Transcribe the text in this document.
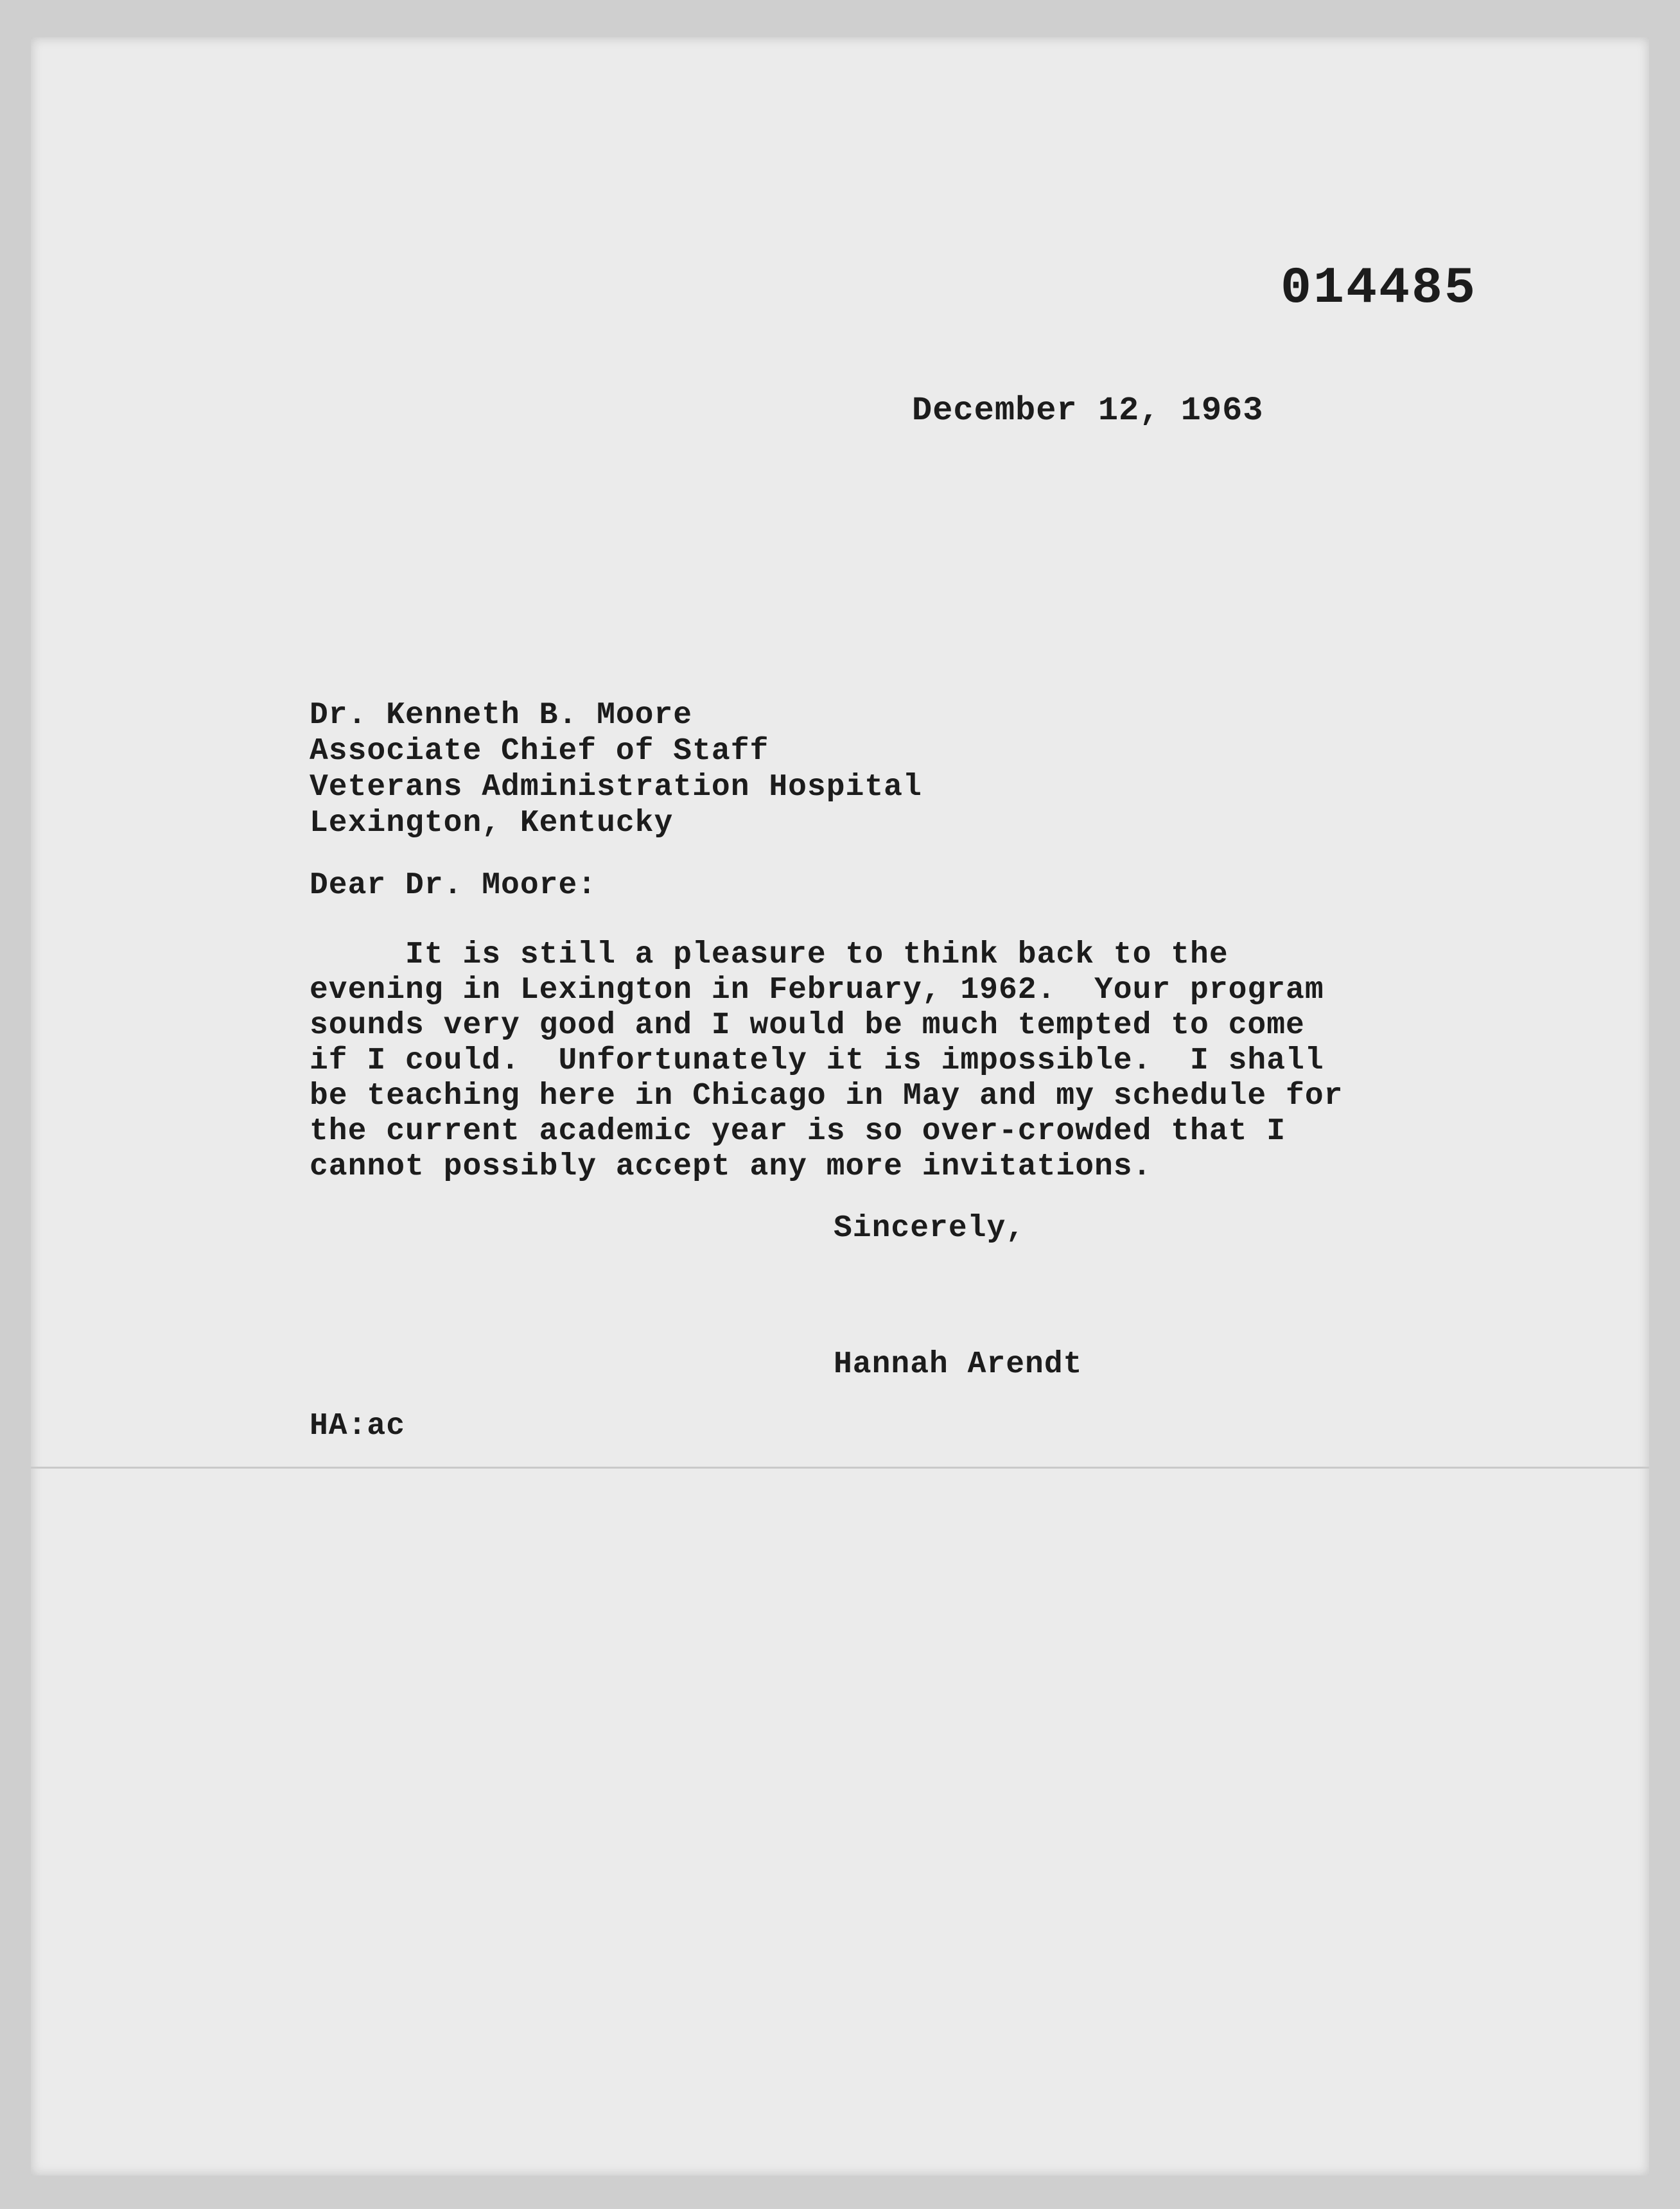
014485
December 12, 1963
Dr. Kenneth B. Moore
Associate Chief of Staff
Veterans Administration Hospital
Lexington, Kentucky
Dear Dr. Moore:
It is still a pleasure to think back to the
evening in Lexington in February, 1962.  Your program
sounds very good and I would be much tempted to come
if I could.  Unfortunately it is impossible.  I shall
be teaching here in Chicago in May and my schedule for
the current academic year is so over-crowded that I
cannot possibly accept any more invitations.
Sincerely,
Hannah Arendt
HA:ac
